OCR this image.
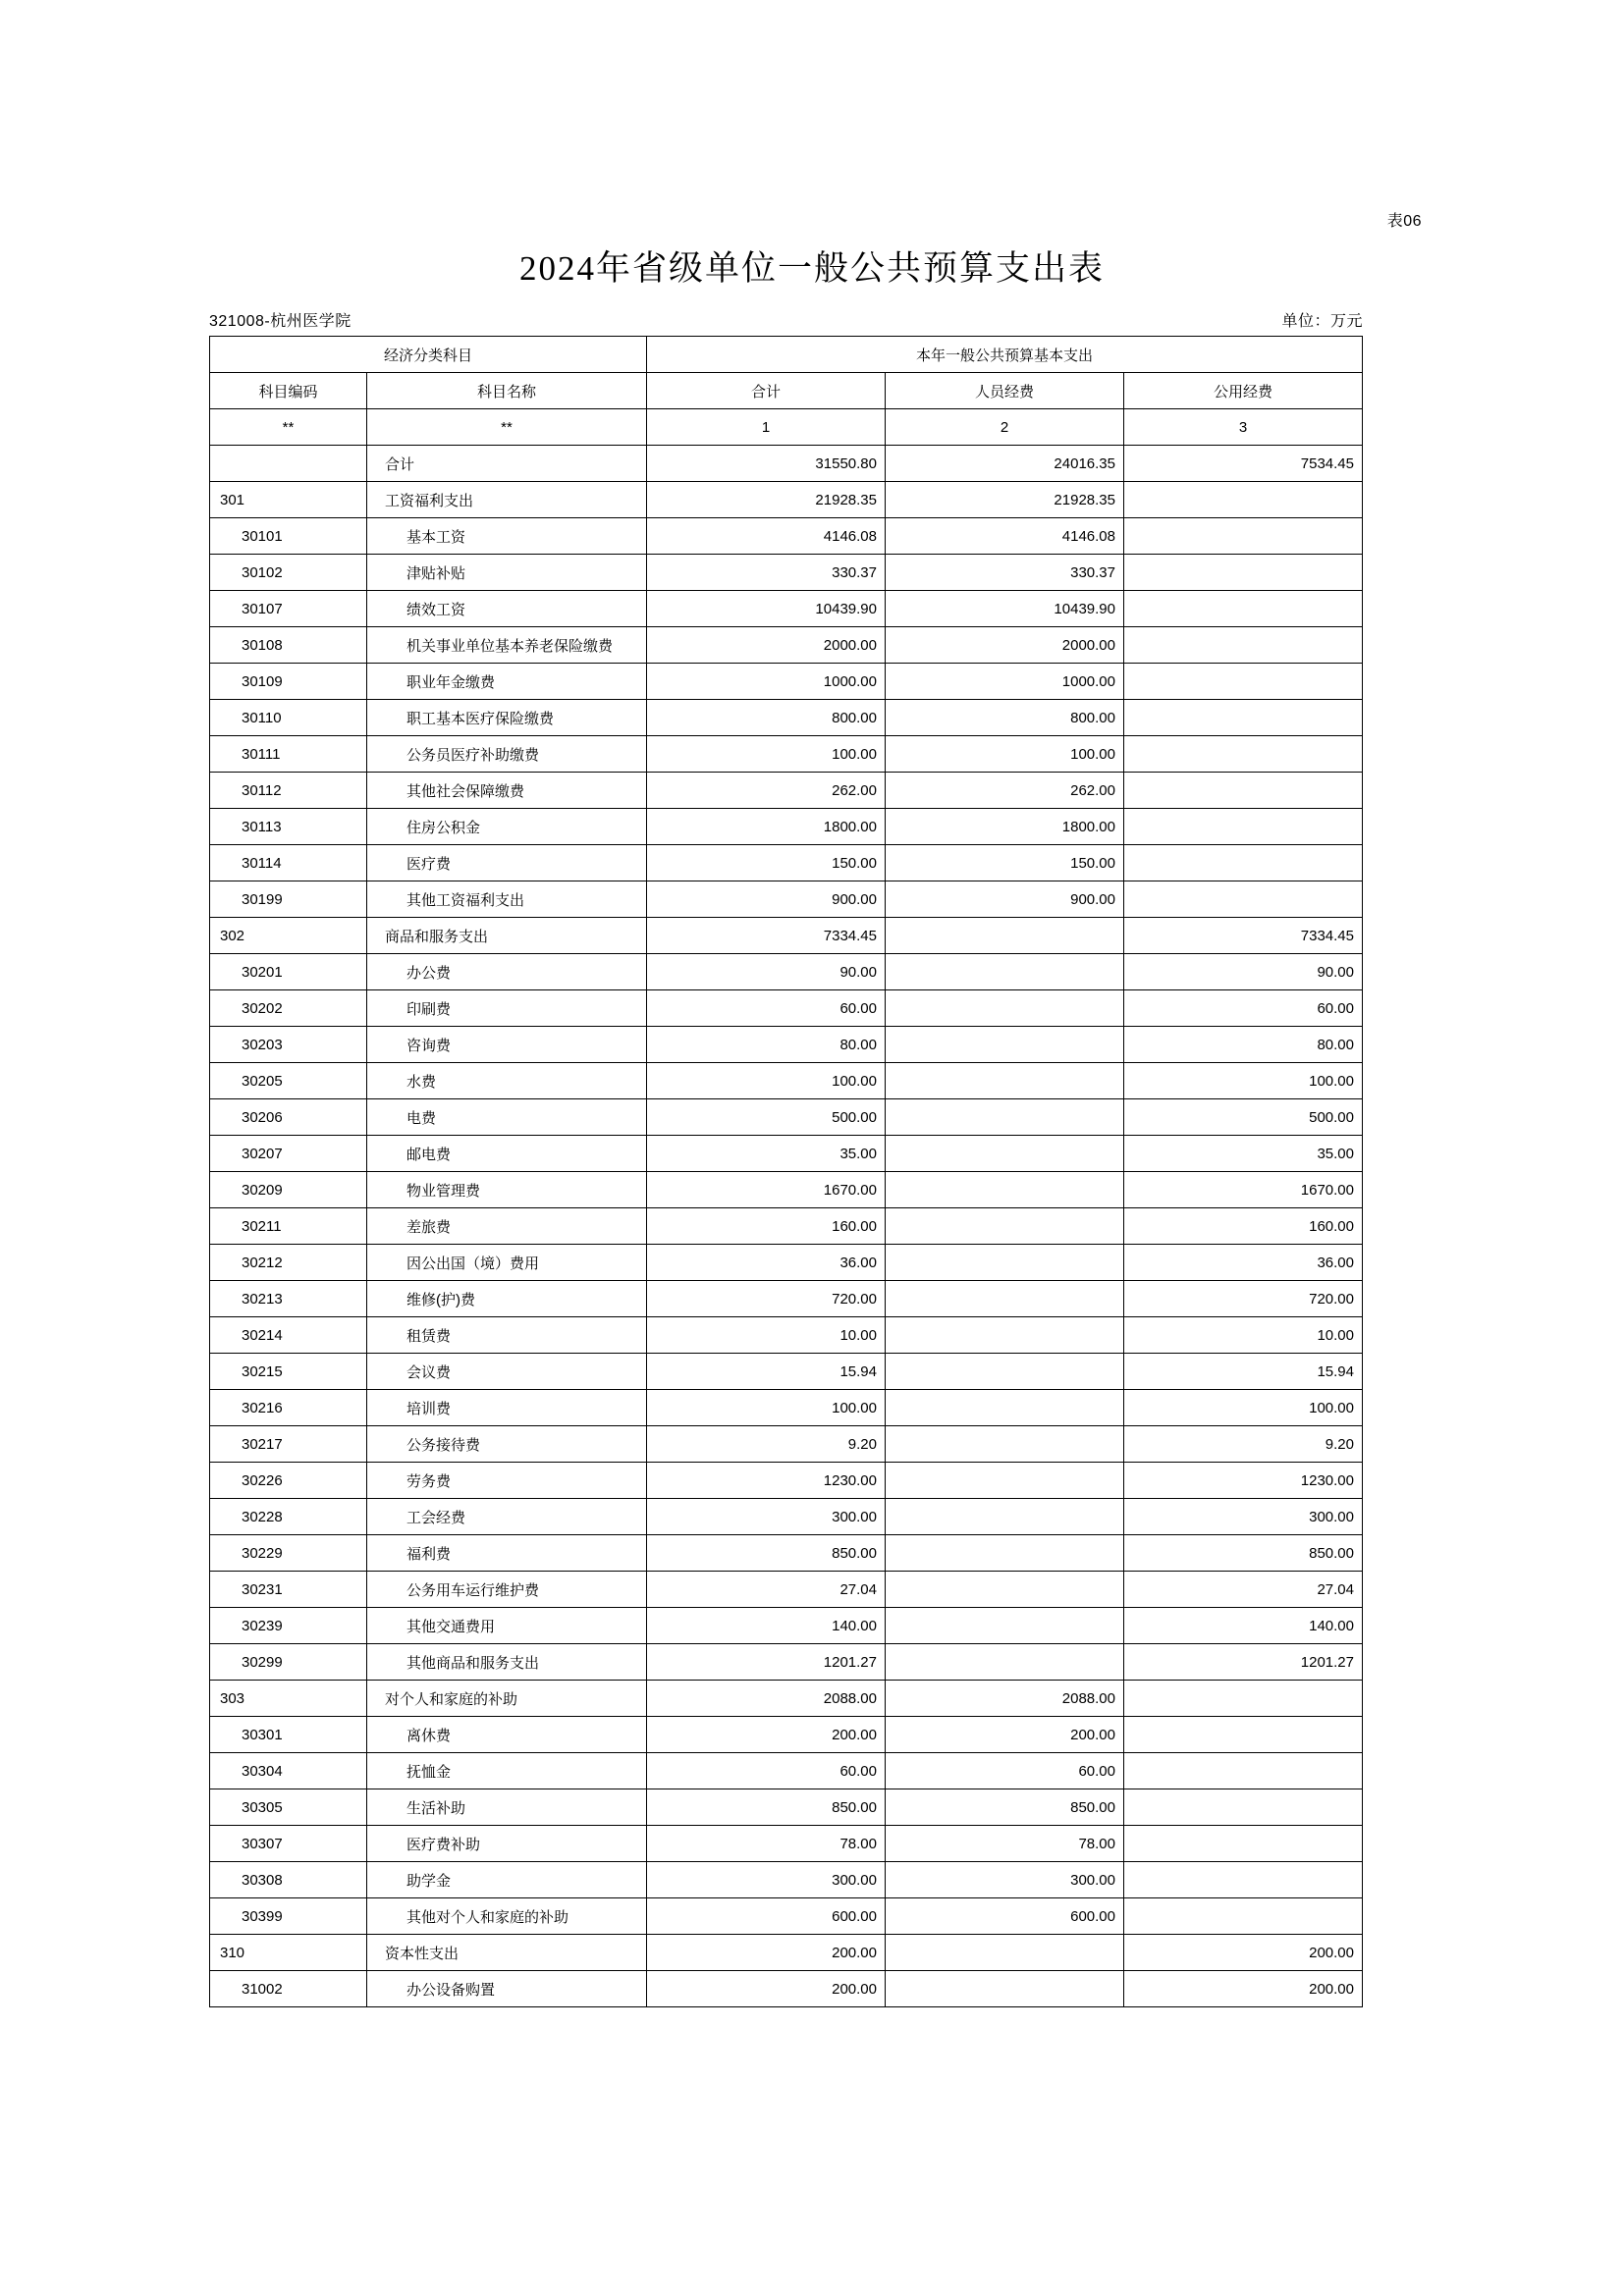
表06
2024年省级单位一般公共预算支出表
321008-杭州医学院	单位：万元
经济分类科目		本年一般公共预算基本支出		
科目编码	科目名称	合计	人员经费	公用经费
**	**	1	2	3
	合计	31550.80	24016.35	7534.45
301	工资福利支出	21928.35	21928.35	
30101	基本工资	4146.08	4146.08	
30102	津贴补贴	330.37	330.37	
30107	绩效工资	10439.90	10439.90	
30108	机关事业单位基本养老保险缴费	2000.00	2000.00	
30109	职业年金缴费	1000.00	1000.00	
30110	职工基本医疗保险缴费	800.00	800.00	
30111	公务员医疗补助缴费	100.00	100.00	
30112	其他社会保障缴费	262.00	262.00	
30113	住房公积金	1800.00	1800.00	
30114	医疗费	150.00	150.00	
30199	其他工资福利支出	900.00	900.00	
302	商品和服务支出	7334.45		7334.45
30201	办公费	90.00		90.00
30202	印刷费	60.00		60.00
30203	咨询费	80.00		80.00
30205	水费	100.00		100.00
30206	电费	500.00		500.00
30207	邮电费	35.00		35.00
30209	物业管理费	1670.00		1670.00
30211	差旅费	160.00		160.00
30212	因公出国（境）费用	36.00		36.00
30213	维修(护)费	720.00		720.00
30214	租赁费	10.00		10.00
30215	会议费	15.94		15.94
30216	培训费	100.00		100.00
30217	公务接待费	9.20		9.20
30226	劳务费	1230.00		1230.00
30228	工会经费	300.00		300.00
30229	福利费	850.00		850.00
30231	公务用车运行维护费	27.04		27.04
30239	其他交通费用	140.00		140.00
30299	其他商品和服务支出	1201.27		1201.27
303	对个人和家庭的补助	2088.00	2088.00	
30301	离休费	200.00	200.00	
30304	抚恤金	60.00	60.00	
30305	生活补助	850.00	850.00	
30307	医疗费补助	78.00	78.00	
30308	助学金	300.00	300.00	
30399	其他对个人和家庭的补助	600.00	600.00	
310	资本性支出	200.00		200.00
31002	办公设备购置	200.00		200.00
